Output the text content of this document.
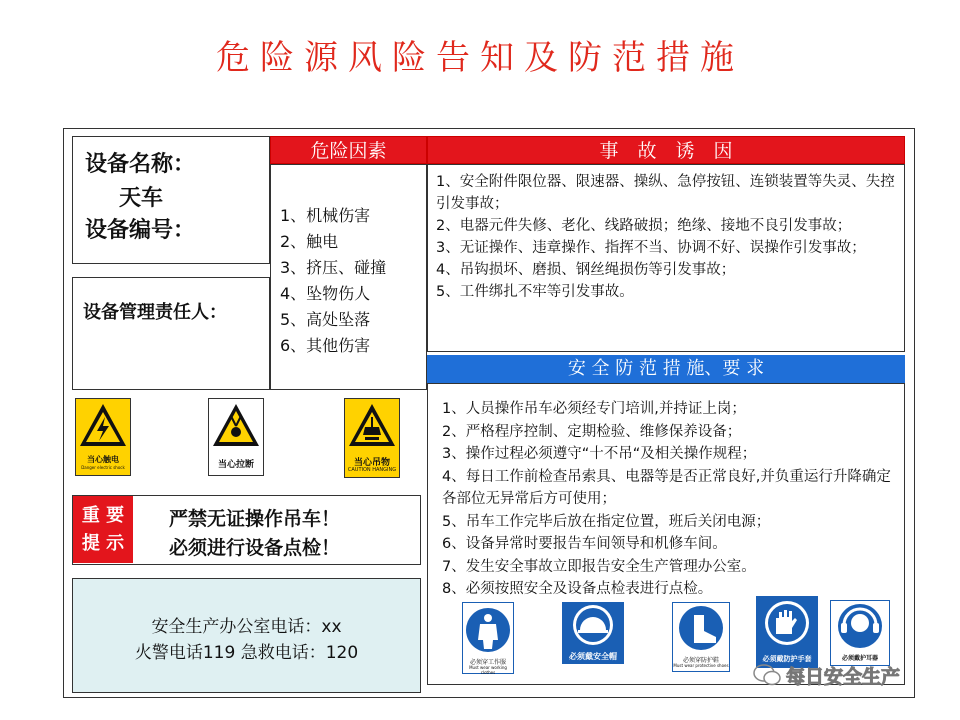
危险源风险告知及防范措施
设备名称：
天车
设备编号：
设备管理责任人：
危险因素

1、机械伤害

2、触电

3、挤压、碰撞

4、坠物伤人

5、高处坠落

6、其他伤害

事　故　诱　因

1、安全附件限位器、限速器、操纵、急停按钮、连锁装置等失灵、失控引发事故；

2、电器元件失修、老化、线路破损；绝缘、接地不良引发事故；

3、无证操作、违章操作、指挥不当、协调不好、误操作引发事故；

4、吊钩损坏、磨损、钢丝绳损伤等引发事故；

5、工件绑扎不牢等引发事故。

安 全 防 范 措 施、要 求

1、人员操作吊车必须经专门培训,并持证上岗；

2、严格程序控制、定期检验、维修保养设备；

3、操作过程必须遵守“十不吊“及相关操作规程；

4、每日工作前检查吊索具、电器等是否正常良好,并负重运行升降确定各部位无异常后方可使用；

5、吊车工作完毕后放在指定位置，班后关闭电源；

6、设备异常时要报告车间领导和机修车间。

7、发生安全事故立即报告安全生产管理办公室。

8、必须按照安全及设备点检表进行点检。

必须穿工作服
Must wear working clothes
必须戴安全帽	必须穿防护鞋
Must wear protective shoes
必须戴防护手套	必须戴护耳器
当心触电
Danger electric shock	当心拉断	当心吊物
CAUTION HANGING
重 要
提 示
严禁无证操作吊车！
必须进行设备点检！
安全生产办公室电话：xx
火警电话119 急救电话：120
每日安全生产
